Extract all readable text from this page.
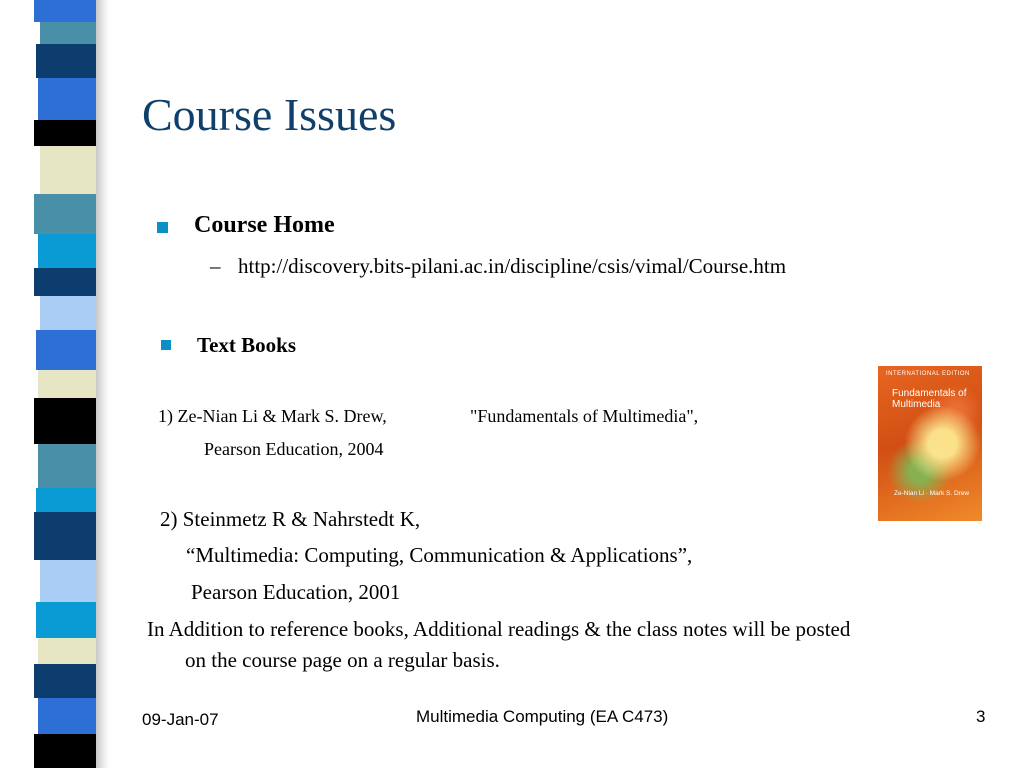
Course Issues
Course Home
– http://discovery.bits-pilani.ac.in/discipline/csis/vimal/Course.htm
Text Books
1) Ze-Nian Li & Mark S. Drew,	"Fundamentals of Multimedia",
Pearson Education, 2004
INTERNATIONAL EDITION
Fundamentals of Multimedia
Ze-Nian Li · Mark S. Drew
2) Steinmetz R & Nahrstedt K,
“Multimedia: Computing, Communication & Applications”,
Pearson Education, 2001
In Addition to reference books, Additional readings & the class notes will be posted
on the course page on a regular basis.
09-Jan-07	Multimedia Computing (EA C473)	3
